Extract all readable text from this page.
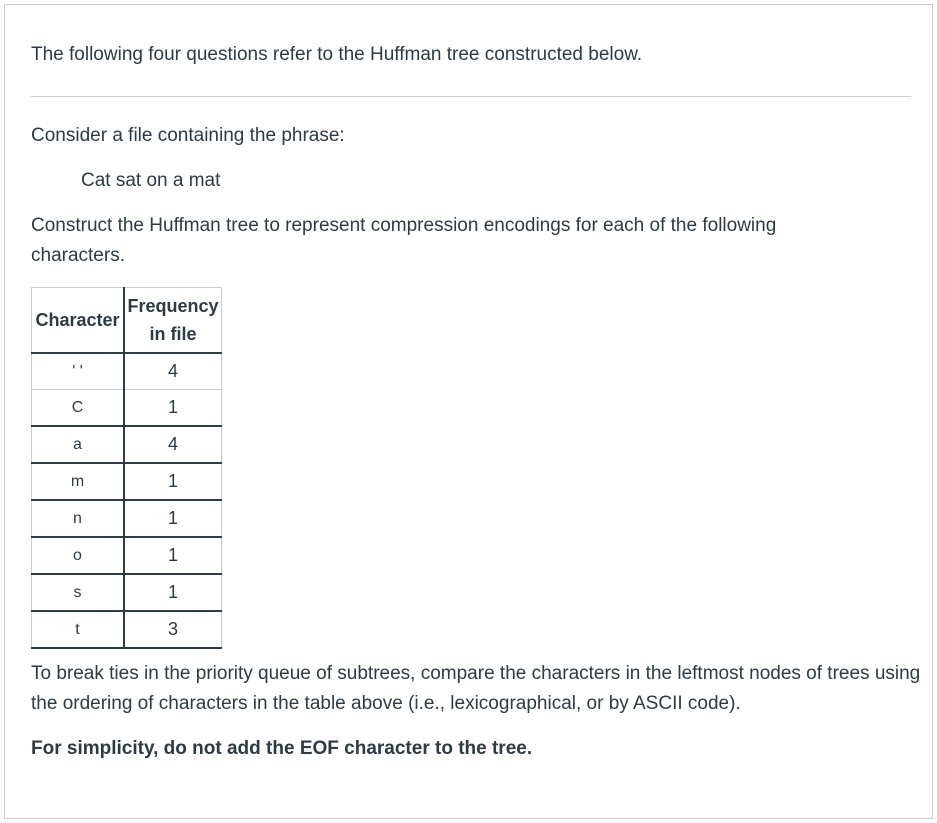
The following four questions refer to the Huffman tree constructed below.
Consider a file containing the phrase:
Cat sat on a mat
Construct the Huffman tree to represent compression encodings for each of the following characters.
Character	Frequency in file
' '	4
C	1
a	4
m	1
n	1
o	1
s	1
t	3
To break ties in the priority queue of subtrees, compare the characters in the leftmost nodes of trees using the ordering of characters in the table above (i.e., lexicographical, or by ASCII code).
For simplicity, do not add the EOF character to the tree.
